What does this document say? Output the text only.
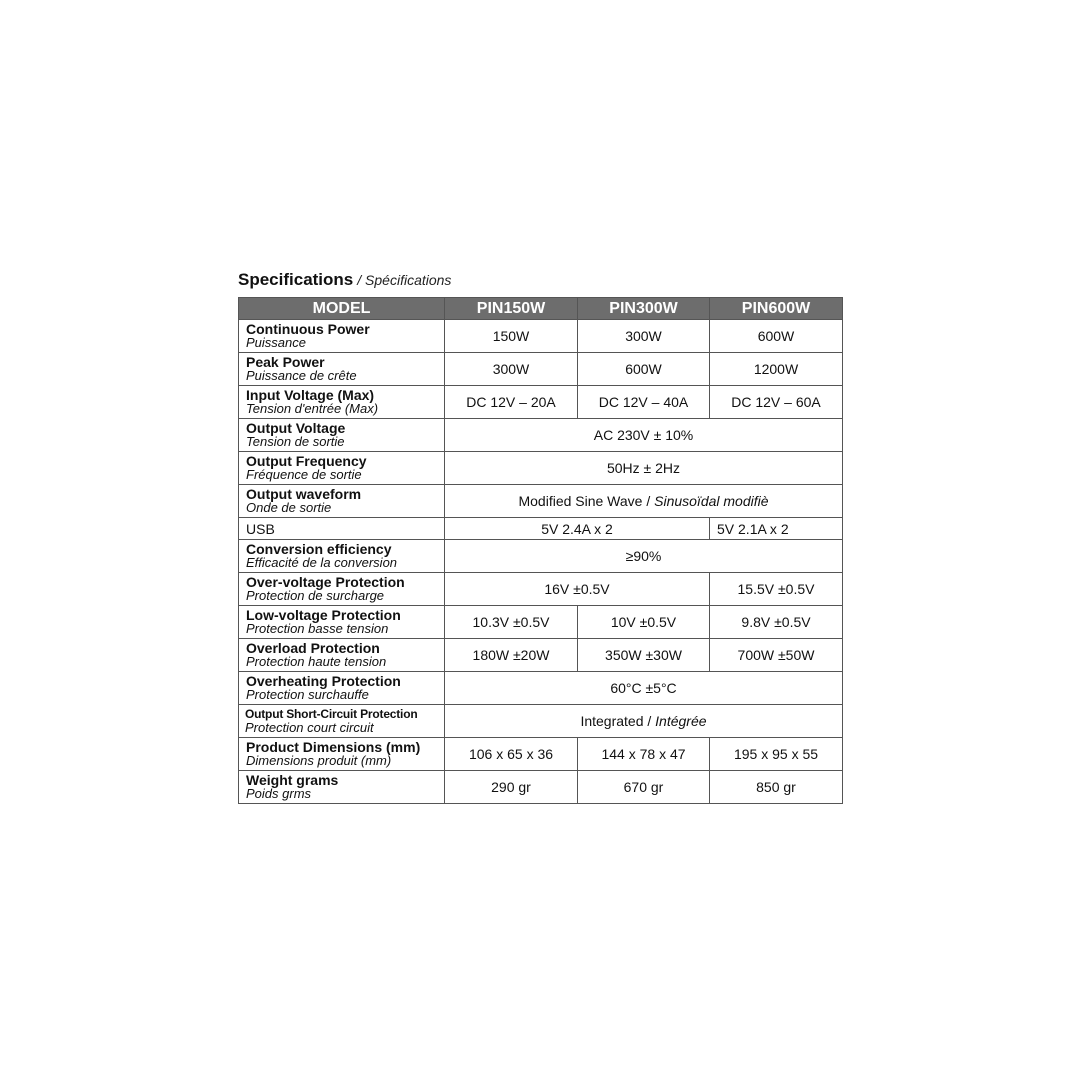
Specifications / Spécifications
MODEL	PIN150W	PIN300W	PIN600W

Continuous Power
Puissance	150W	300W	600W

Peak Power
Puissance de crête	300W	600W	1200W

Input Voltage (Max)
Tension d'entrée (Max)	DC 12V – 20A	DC 12V – 40A	DC 12V – 60A

Output Voltage
Tension de sortie	AC 230V ± 10%		

Output Frequency
Fréquence de sortie	50Hz ± 2Hz		

Output waveform
Onde de sortie	Modified Sine Wave / Sinusoïdal modifiè		
USB	5V 2.4A x 2		5V 2.1A x 2

Conversion efficiency
Efficacité de la conversion	≥90%		

Over-voltage Protection
Protection de surcharge	16V ±0.5V		15.5V ±0.5V

Low-voltage Protection
Protection basse tension	10.3V ±0.5V	10V ±0.5V	9.8V ±0.5V

Overload Protection
Protection haute tension	180W ±20W	350W ±30W	700W ±50W

Overheating Protection
Protection surchauffe	60°C ±5°C		

Output Short-Circuit Protection
Protection court circuit	Integrated / Intégrée		

Product Dimensions (mm)
Dimensions produit (mm)	106 x 65 x 36	144 x 78 x 47	195 x 95 x 55

Weight grams
Poids grms	290 gr	670 gr	850 gr
